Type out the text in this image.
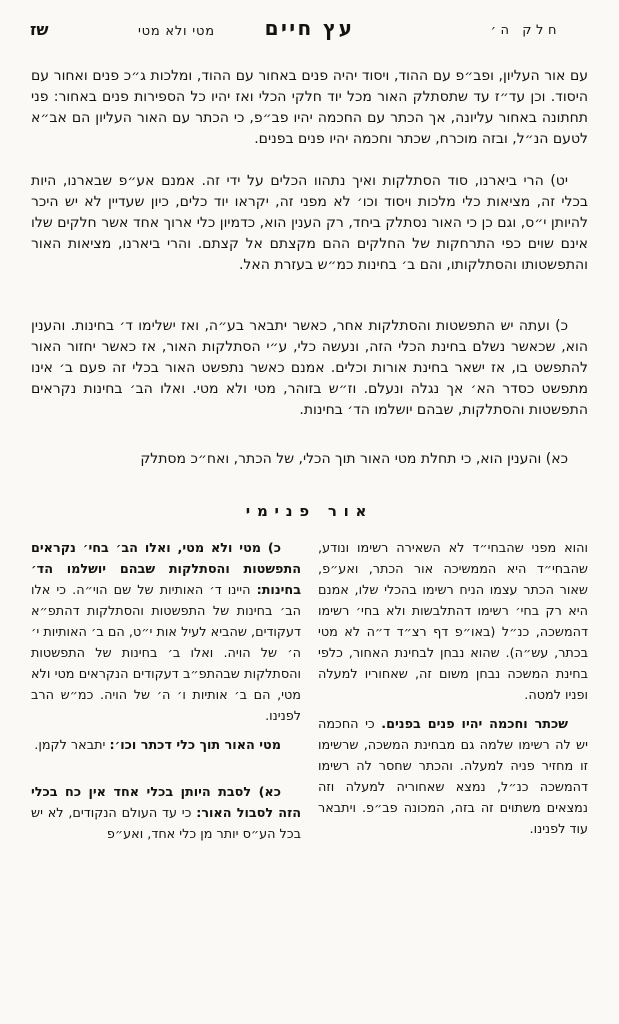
חלק ה׳
עץ חיים
מטי ולא מטי
שז

עם אור העליון, ופב״פ עם ההוד, ויסוד יהיה פנים באחור עם ההוד, ומלכות ג״כ פנים ואחור עם היסוד. וכן עד״ז עד שתסתלק האור מכל יוד חלקי הכלי ואז יהיו כל הספירות פנים באחור: פני תחתונה באחור עליונה, אך הכתר עם החכמה יהיו פב״פ, כי הכתר עם האור העליון הם אב״א לטעם הנ״ל, ובזה מוכרח, שכתר וחכמה יהיו פנים בפנים.

יט) הרי ביארנו, סוד הסתלקות ואיך נתהוו הכלים על ידי זה. אמנם אע״פ שבארנו, היות בכלי זה, מציאות כלי מלכות ויסוד וכו׳ לא מפני זה, יקראו יוד כלים, כיון שעדיין לא יש היכר להיותן י״ס, וגם כן כי האור נסתלק ביחד, רק הענין הוא, כדמיון כלי ארוך אחד אשר חלקים שלו אינם שוים כפי התרחקות של החלקים ההם מקצתם אל קצתם. והרי ביארנו, מציאות האור והתפשטותו והסתלקותו, והם ב׳ בחינות כמ״ש בעזרת האל.

כ) ועתה יש התפשטות והסתלקות אחר, כאשר יתבאר בע״ה, ואז ישלימו ד׳ בחינות. והענין הוא, שכאשר נשלם בחינת הכלי הזה, ונעשה כלי, ע״י הסתלקות האור, אז כאשר יחזור האור להתפשט בו, אז ישאר בחינת אורות וכלים. אמנם כאשר נתפשט האור בכלי זה פעם ב׳ אינו מתפשט כסדר הא׳ אך נגלה ונעלם. וז״ש בזוהר, מטי ולא מטי. ואלו הב׳ בחינות נקראים התפשטות והסתלקות, שבהם יושלמו הד׳ בחינות.

כא) והענין הוא, כי תחלת מטי האור תוך הכלי, של הכתר, ואח״כ מסתלק

אור פנימי

והוא מפני שהבחי״ד לא השאירה רשימו ונודע, שהבחי״ד היא הממשיכה אור הכתר, ואע״פ, שאור הכתר עצמו הניח רשימו בהכלי שלו, אמנם היא רק בחי׳ רשימו דהתלבשות ולא בחי׳ רשימו דהמשכה, כנ״ל (באו״פ דף רצ״ד ד״ה לא מטי בכתר, עש״ה). שהוא נבחן לבחינת האחור, כלפי בחינת המשכה נבחן משום זה, שאחוריו למעלה ופניו למטה.

שכתר וחכמה יהיו פנים בפנים. כי החכמה יש לה רשימו שלמה גם מבחינת המשכה, שרשימו זו מחזיר פניה למעלה. והכתר שחסר לה רשימו דהמשכה כנ״ל, נמצא שאחוריה למעלה וזה נמצאים משתוים זה בזה, המכונה פב״פ. ויתבאר עוד לפנינו.

כ) מטי ולא מטי, ואלו הב׳ בחי׳ נקראים התפשטות והסתלקות שבהם יושלמו הד׳ בחינות: היינו ד׳ האותיות של שם הוי״ה. כי אלו הב׳ בחינות של התפשטות והסתלקות דהתפ״א דעקודים, שהביא לעיל אות י״ט, הם ב׳ האותיות י׳ ה׳ של הויה. ואלו ב׳ בחינות של התפשטות והסתלקות שבהתפ״ב דעקודים הנקראים מטי ולא מטי, הם ב׳ אותיות ו׳ ה׳ של הויה. כמ״ש הרב לפנינו.

מטי האור תוך כלי דכתר וכו׳: יתבאר לקמן.

כא) לסבת היותן בכלי אחד אין כח בכלי הזה לסבול האור: כי עד העולם הנקודים, לא יש בכל הע״ס יותר מן כלי אחד, ואע״פ
